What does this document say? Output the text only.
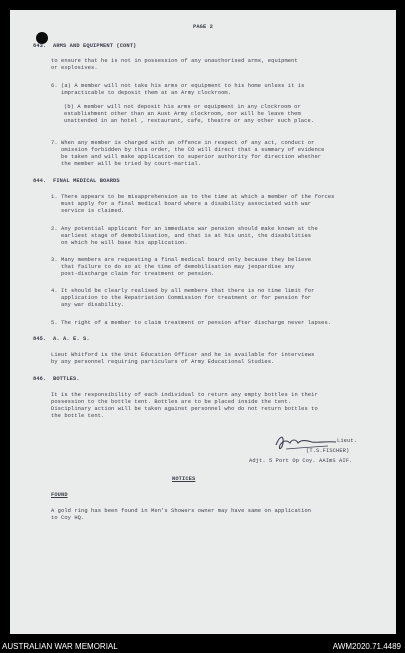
PAGE 2
843.  ARMS AND EQUIPMENT (CONT)
to ensure that he is not in possession of any unauthorised arms, equipment
or explosives.
6. (a) A member will not take his arms or equipment to his home unless it is
impracticable to deposit them at an Army clockroom.
(b) A member will not deposit his arms or equipment in any clockroom or
establishment other than an Aust Army clockroom, nor will he leave them
unattended in an hotel , restaurant, cafe, theatre or any other such place.
7. When any member is charged with an offence in respect of any act, conduct or
omission forbidden by this order, the CO will direct that a summary of evidence
be taken and will make application to superior authority for direction whether
the member will be tried by court-martial.
844.  FINAL MEDICAL BOARDS
1. There appears to be misapprehension as to the time at which a member of the forces
must apply for a final medical board where a disability associated with war
service is claimed.
2. Any potential applicant for an immediate war pension should make known at the
earliest stage of demobilisation, and that is at his unit, the disabilities
on which he will base his application.
3. Many members are requesting a final medical board only because they believe
that failure to do so at the time of demobilisation may jeopardise any
post-discharge claim for treatment or pension.
4. It should be clearly realised by all members that there is no time limit for
application to the Repatriation Commission for treatment or for pension for
any war disability.
5. The right of a member to claim treatment or pension after discharge never lapses.
845.  A. A. E. S.
Lieut Whitford is the Unit Education Officer and he is available for interviews
by any personnel requiring particulars of Army Educational Studies.
846.  BOTTLES.
It is the responsibility of each individual to return any empty bottles in their
possession to the bottle tent. Bottles are to be placed inside the tent.
Disciplinary action will be taken against personnel who do not return bottles to
the bottle tent.
Lieut.
(T.S.FISCHER)
Adjt. 5 Port Op Coy. AAImS AIF.
NOTICES
FOUND
A gold ring has been found in Men's Showers owner may have same on application
to Coy HQ.
AUSTRALIAN WAR MEMORIAL	AWM2020.71.4489
